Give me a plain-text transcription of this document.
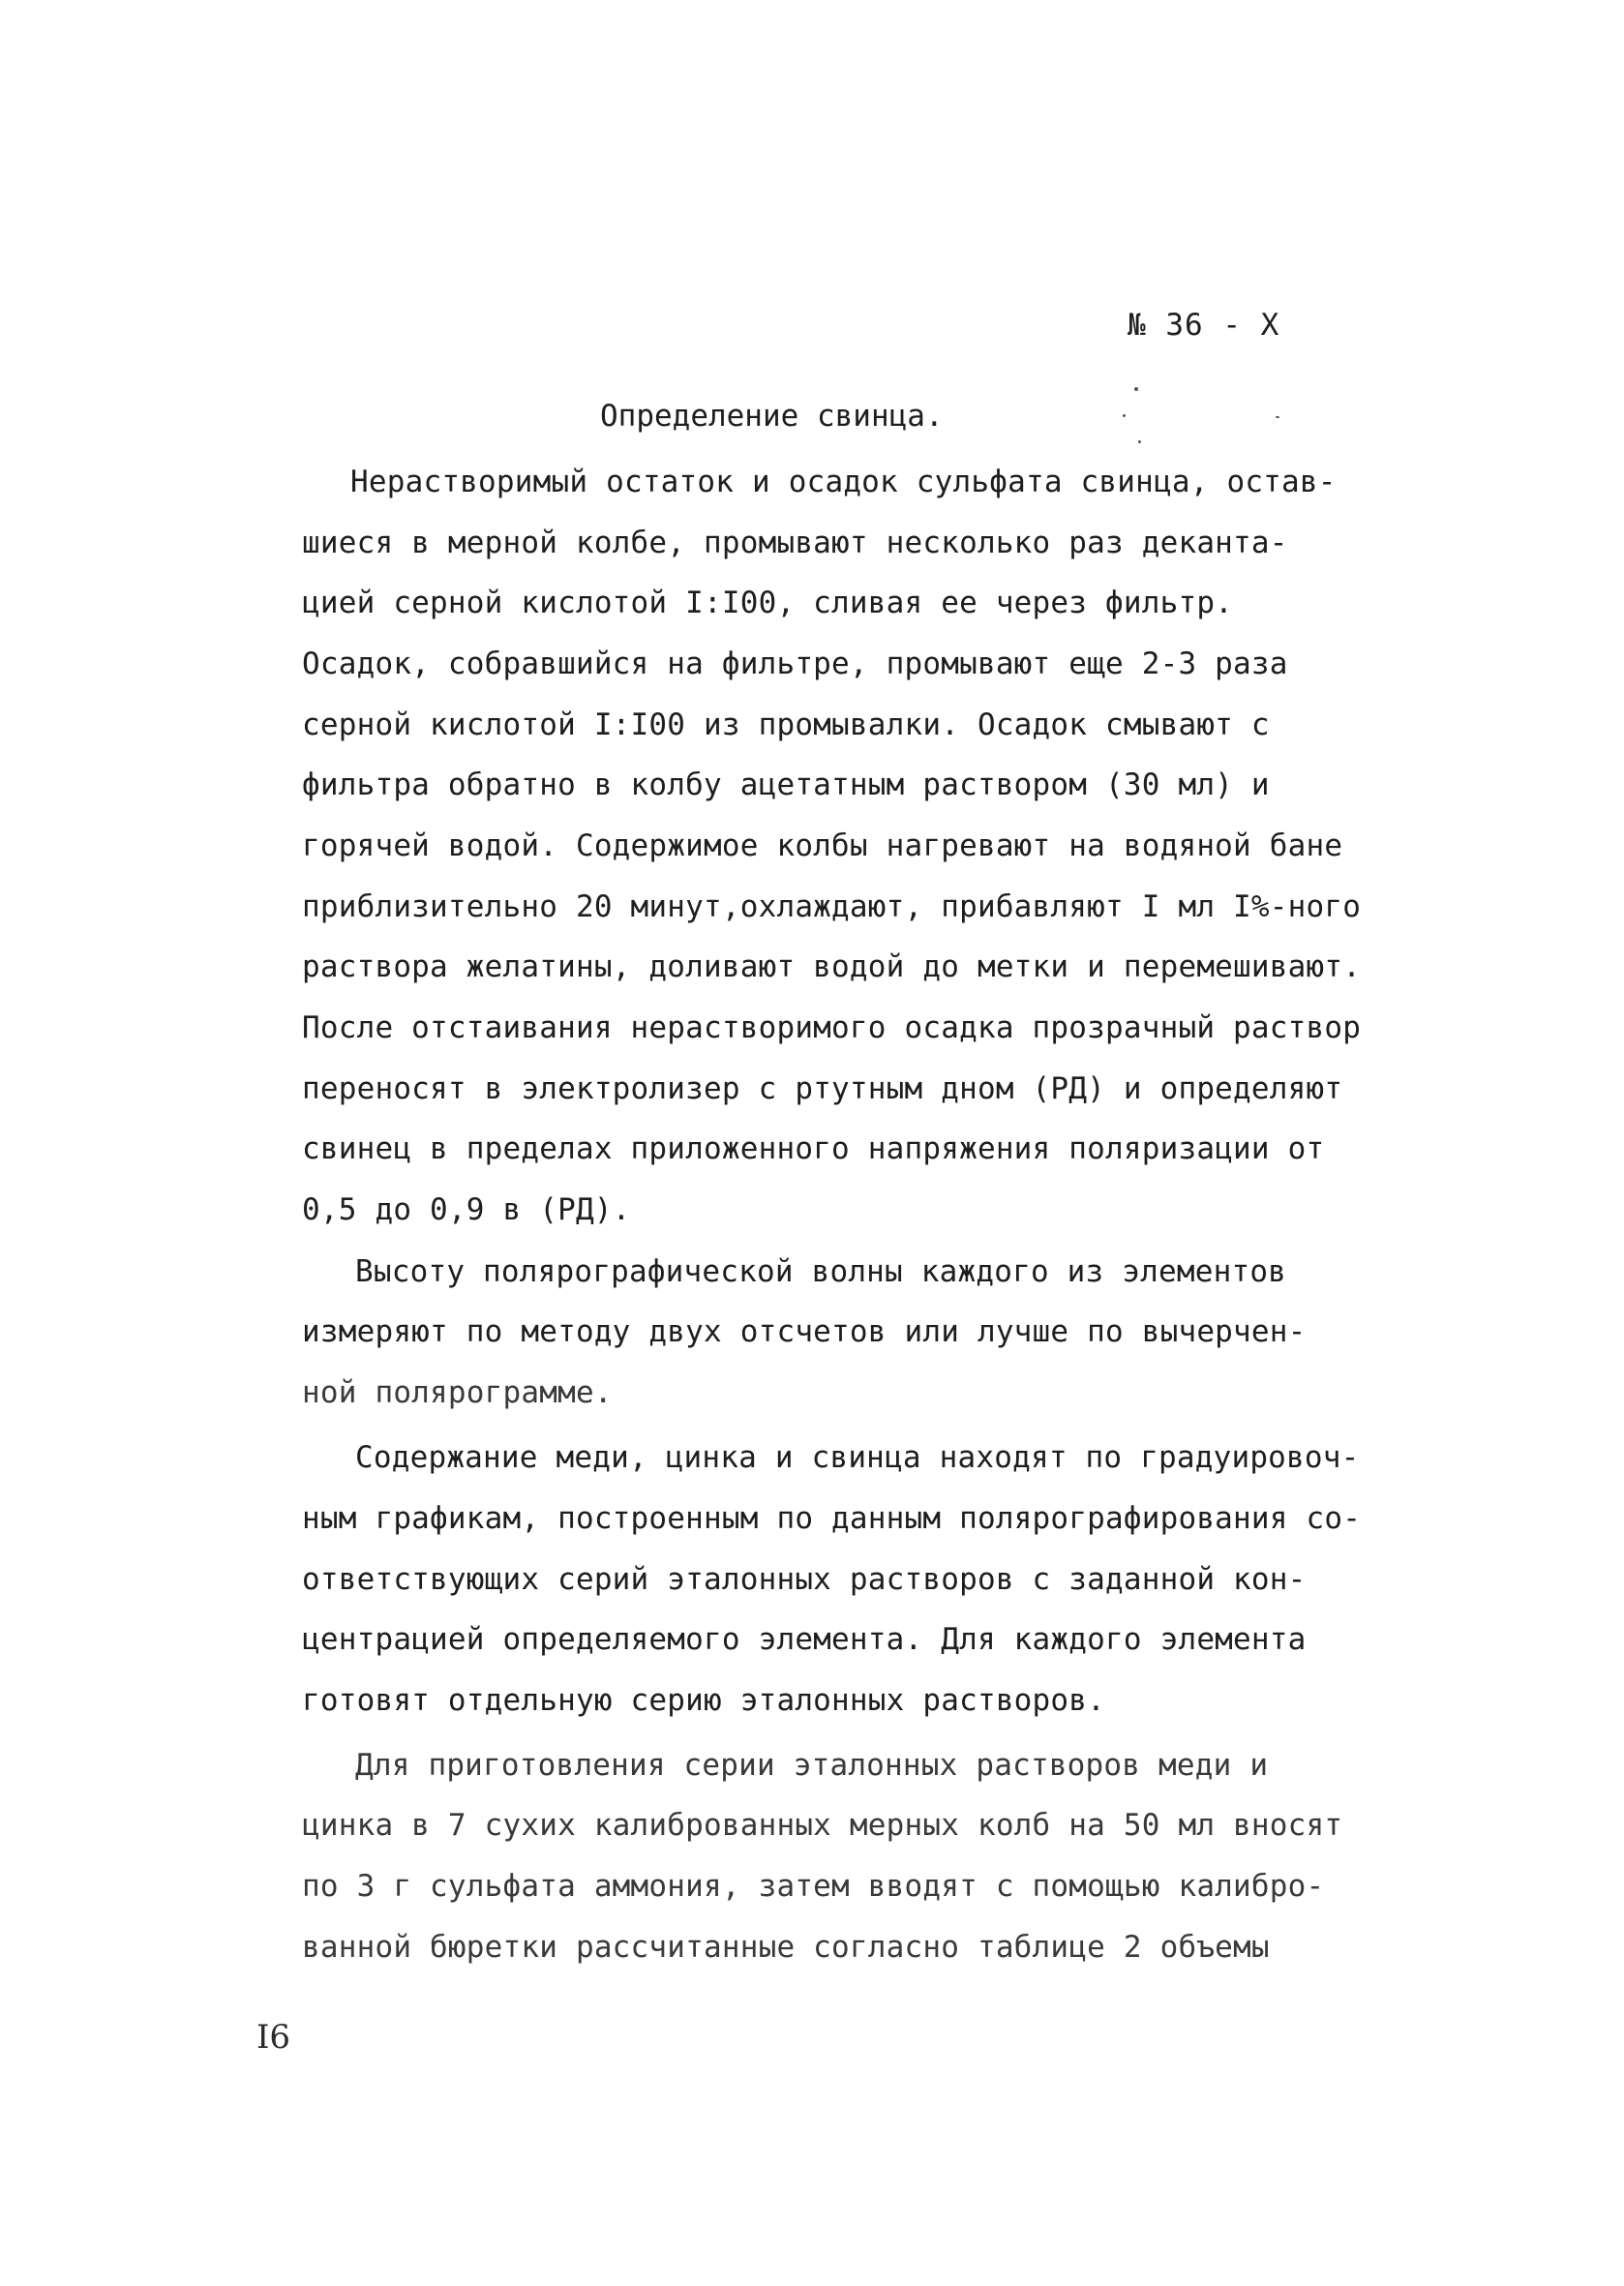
№ 36 - X
Определение свинца.
Нерастворимый остаток и осадок сульфата свинца, остав-
шиеся в мерной колбе, промывают несколько раз деканта-
цией серной кислотой I:I00, сливая ее через фильтр.
Осадок, собравшийся на фильтре, промывают еще 2-3 раза
серной кислотой I:I00 из промывалки. Осадок смывают с
фильтра обратно в колбу ацетатным раствором (30 мл) и
горячей водой. Содержимое колбы нагревают на водяной бане
приблизительно 20 минут,охлаждают, прибавляют I мл I%-ного
раствора желатины, доливают водой до метки и перемешивают.
После отстаивания нерастворимого осадка прозрачный раствор
переносят в электролизер с ртутным дном (РД) и определяют
свинец в пределах приложенного напряжения поляризации от
0,5 до 0,9 в (РД).
Высоту полярографической волны каждого из элементов
измеряют по методу двух отсчетов или лучше по вычерчен-
ной полярограмме.
Содержание меди, цинка и свинца находят по градуировоч-
ным графикам, построенным по данным полярографирования со-
ответствующих серий эталонных растворов с заданной кон-
центрацией определяемого элемента. Для каждого элемента
готовят отдельную серию эталонных растворов.
Для приготовления серии эталонных растворов меди и
цинка в 7 сухих калиброванных мерных колб на 50 мл вносят
по 3 г сульфата аммония, затем вводят с помощью калибро-
ванной бюретки рассчитанные согласно таблице 2 объемы
I6
